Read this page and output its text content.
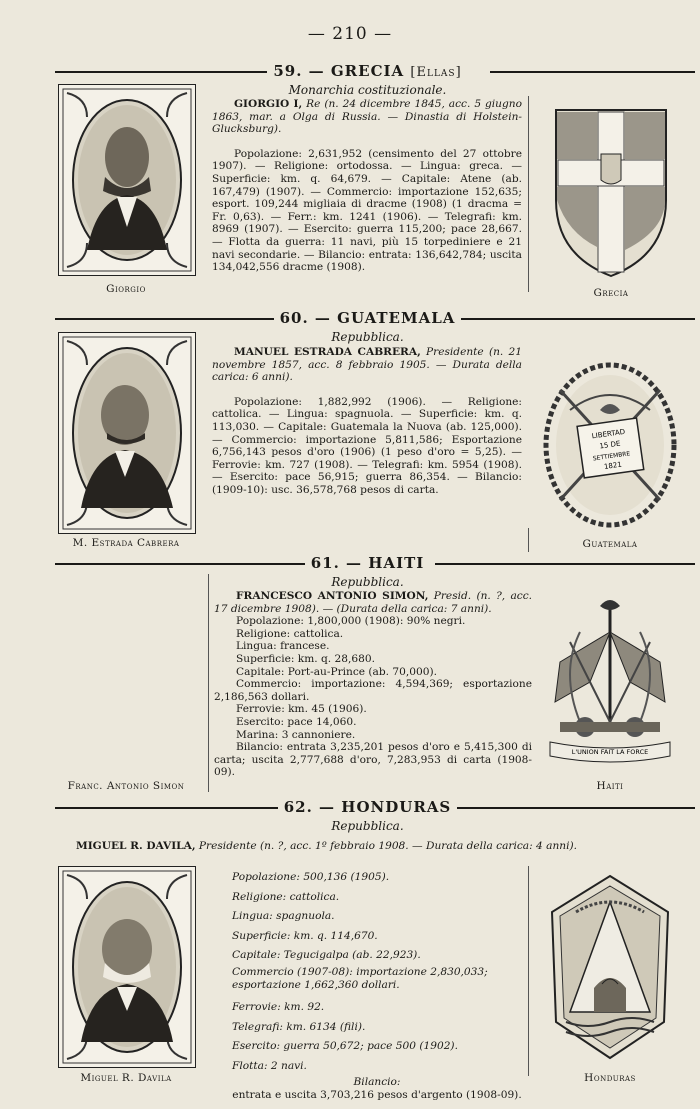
— 210 —
59. — GRECIA [Ellas]
Monarchia costituzionale.
Giorgio

GIORGIO I, Re (n. 24 dicembre 1845, acc. 5 giugno 1863, mar. a Olga di Russia. — Dinastia di Holstein-Glucksburg).

Popolazione: 2,631,952 (censimento del 27 ottobre 1907). — Religione: ortodossa. — Lingua: greca. — Superficie: km. q. 64,679. — Capitale: Atene (ab. 167,479) (1907). — Commercio: importazione 152,635; esport. 109,244 migliaia di dracme (1908) (1 dracma = Fr. 0,63). — Ferr.: km. 1241 (1906). — Telegrafi: km. 8969 (1907). — Esercito: guerra 115,200; pace 28,667. — Flotta da guerra: 11 navi, più 15 torpediniere e 21 navi secondarie. — Bilancio: entrata: 136,642,784; uscita 134,042,556 dracme (1908).

Grecia
60. — GUATEMALA
Repubblica.
M. Estrada Cabrera

MANUEL ESTRADA CABRERA, Presidente (n. 21 novembre 1857, acc. 8 febbraio 1905. — Durata della carica: 6 anni).

Popolazione: 1,882,992 (1906). — Religione: cattolica. — Lingua: spagnuola. — Superficie: km. q. 113,030. — Capitale: Guatemala la Nuova (ab. 125,000). — Commercio: importazione 5,811,586; Esportazione 6,756,143 pesos d'oro (1906) (1 peso d'oro = 5,25). — Ferrovie: km. 727 (1908). — Telegrafi: km. 5954 (1908). — Esercito: pace 56,915; guerra 86,354. — Bilancio: (1909-10): usc. 36,578,768 pesos di carta.

LIBERTAD
15 DE
SETTIEMBRE
1821
Guatemala
61. — HAITI
Repubblica.
Franc. Antonio Simon

FRANCESCO ANTONIO SIMON, Presid. (n. ?, acc. 17 dicembre 1908). — (Durata della carica: 7 anni).

Popolazione: 1,800,000 (1908): 90% negri.

Religione: cattolica.

Lingua: francese.

Superficie: km. q. 28,680.

Capitale: Port-au-Prince (ab. 70,000).

Commercio: importazione: 4,594,369; esportazione 2,186,563 dollari.

Ferrovie: km. 45 (1906).

Esercito: pace 14,060.

Marina: 3 cannoniere.

Bilancio: entrata 3,235,201 pesos d'oro e 5,415,300 di carta; uscita 2,777,688 d'oro, 7,283,953 di carta (1908-09).

L'UNION FAIT LA FORCE
Haiti
62. — HONDURAS
Repubblica.
MIGUEL R. DAVILA, Presidente (n. ?, acc. 1º febbraio 1908. — Durata della carica: 4 anni).
Miguel R. Davila

Popolazione: 500,136 (1905).

Religione: cattolica.

Lingua: spagnuola.

Superficie: km. q. 114,670.

Capitale: Tegucigalpa (ab. 22,923).

Commercio (1907-08): importazione 2,830,033; esportazione 1,662,360 dollari.

Ferrovie: km. 92.

Telegrafi: km. 6134 (fili).

Esercito: guerra 50,672; pace 500 (1902).

Flotta: 2 navi.

Bilancio:

entrata e uscita 3,703,216 pesos d'argento (1908-09).

Honduras
